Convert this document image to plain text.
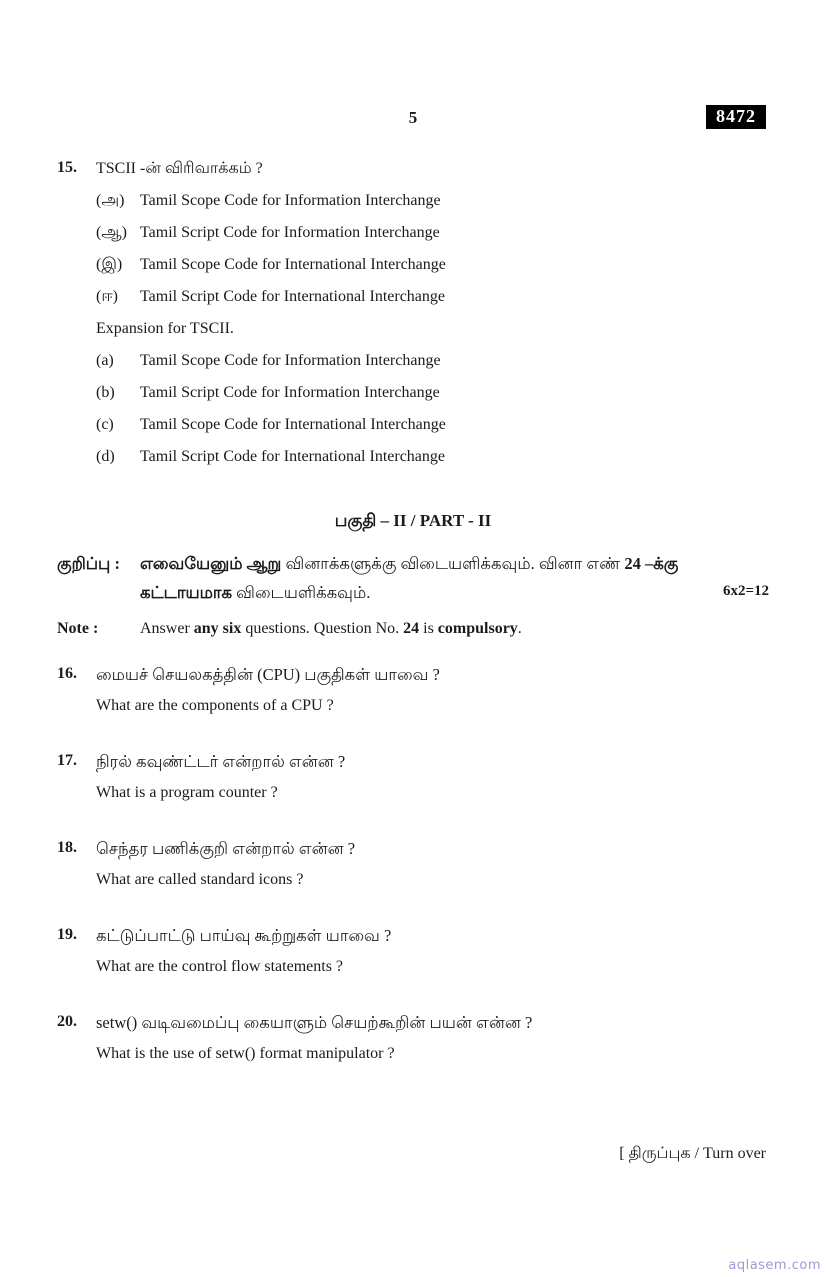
5	8472
15.	TSCII -ன் விரிவாக்கம் ?
(அ) Tamil Scope Code for Information Interchange
(ஆ) Tamil Script Code for Information Interchange
(இ)	Tamil Scope Code for International Interchange
(ஈ)	Tamil Script Code for International Interchange
Expansion for TSCII.
(a)	Tamil Scope Code for Information Interchange
(b)	Tamil Script Code for Information Interchange
(c)	Tamil Scope Code for International Interchange
(d)	Tamil Script Code for International Interchange
பகுதி – II / PART - II
குறிப்பு :	எவையேனும் ஆறு வினாக்களுக்கு விடையளிக்கவும். வினா எண் 24 –க்கு
கட்டாயமாக விடையளிக்கவும்.	6x2=12
Note :	Answer any six questions. Question No. 24 is compulsory.
16.	மையச் செயலகத்தின் (CPU) பகுதிகள் யாவை ?
What are the components of a CPU ?
17.	நிரல் கவுண்ட்டர் என்றால் என்ன ?
What is a program counter ?
18.	செந்தர பணிக்குறி என்றால் என்ன ?
What are called standard icons ?
19.	கட்டுப்பாட்டு பாய்வு கூற்றுகள் யாவை ?
What are the control flow statements ?
20.	setw() வடிவமைப்பு கையாளும் செயற்கூறின் பயன் என்ன ?
What is the use of setw() format manipulator ?
[ திருப்புக / Turn over
aqlasem.com
